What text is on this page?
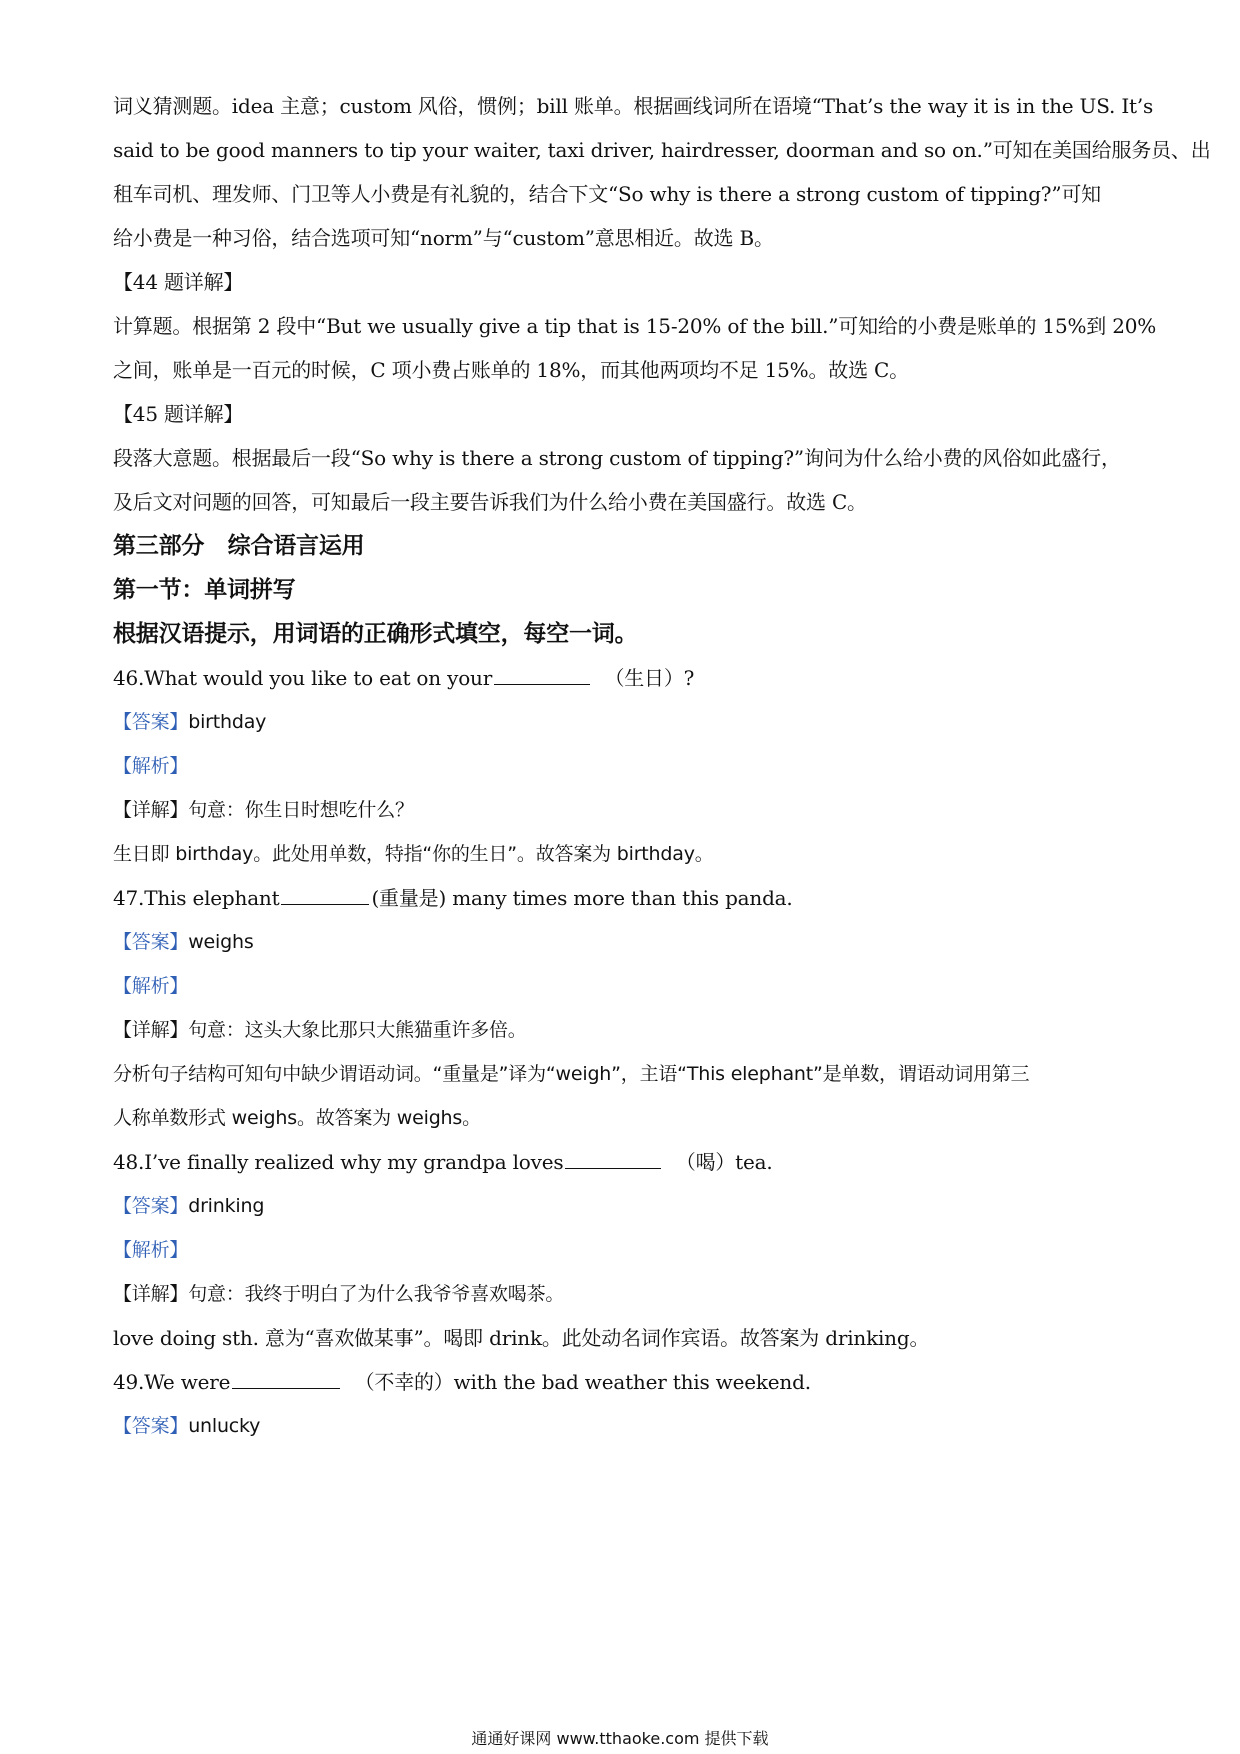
词义猜测题。idea 主意；custom 风俗，惯例；bill 账单。根据画线词所在语境“That’s the way it is in the US. It’s
said to be good manners to tip your waiter, taxi driver, hairdresser, doorman and so on.”可知在美国给服务员、出
租车司机、理发师、门卫等人小费是有礼貌的，结合下文“So why is there a strong custom of tipping?”可知
给小费是一种习俗，结合选项可知“norm”与“custom”意思相近。故选 B。
【44 题详解】
计算题。根据第 2 段中“But we usually give a tip that is 15-20% of the bill.”可知给的小费是账单的 15%到 20%
之间，账单是一百元的时候，C 项小费占账单的 18%，而其他两项均不足 15%。故选 C。
【45 题详解】
段落大意题。根据最后一段“So why is there a strong custom of tipping?”询问为什么给小费的风俗如此盛行，
及后文对问题的回答，可知最后一段主要告诉我们为什么给小费在美国盛行。故选 C。
第三部分 综合语言运用
第一节：单词拼写
根据汉语提示，用词语的正确形式填空，每空一词。
46.What would you like to eat on your	（生日）?
【答案】birthday
【解析】
【详解】句意：你生日时想吃什么？
生日即 birthday。此处用单数，特指“你的生日”。故答案为 birthday。
47.This elephant	(重量是) many times more than this panda.
【答案】weighs
【解析】
【详解】句意：这头大象比那只大熊猫重许多倍。
分析句子结构可知句中缺少谓语动词。“重量是”译为“weigh”，主语“This elephant”是单数，谓语动词用第三
人称单数形式 weighs。故答案为 weighs。
48.I’ve finally realized why my grandpa loves	（喝）tea.
【答案】drinking
【解析】
【详解】句意：我终于明白了为什么我爷爷喜欢喝茶。
love doing sth. 意为“喜欢做某事”。喝即 drink。此处动名词作宾语。故答案为 drinking。
49.We were	（不幸的）with the bad weather this weekend.
【答案】unlucky
通通好课网 www.tthaoke.com 提供下载
